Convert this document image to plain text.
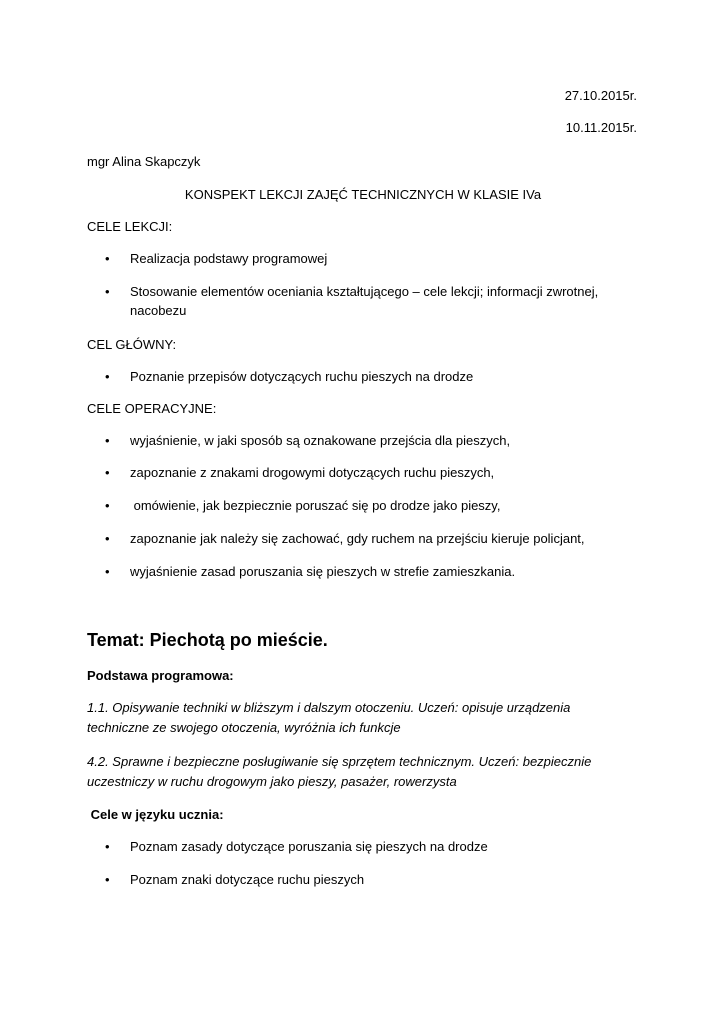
27.10.2015r.
10.11.2015r.
mgr Alina Skapczyk
KONSPEKT LEKCJI ZAJĘĆ TECHNICZNYCH W KLASIE IVa
CELE LEKCJI:
• Realizacja podstawy programowej
• Stosowanie elementów oceniania kształtującego – cele lekcji; informacji zwrotnej,
nacobezu
CEL GŁÓWNY:
• Poznanie przepisów dotyczących ruchu pieszych na drodze
CELE OPERACYJNE:
• wyjaśnienie, w jaki sposób są oznakowane przejścia dla pieszych,
• zapoznanie z znakami drogowymi dotyczących ruchu pieszych,
• omówienie, jak bezpiecznie poruszać się po drodze jako pieszy,
• zapoznanie jak należy się zachować, gdy ruchem na przejściu kieruje policjant,
• wyjaśnienie zasad poruszania się pieszych w strefie zamieszkania.
Temat: Piechotą po mieście.
Podstawa programowa:
1.1. Opisywanie techniki w bliższym i dalszym otoczeniu. Uczeń: opisuje urządzenia
techniczne ze swojego otoczenia, wyróżnia ich funkcje
4.2. Sprawne i bezpieczne posługiwanie się sprzętem technicznym. Uczeń: bezpiecznie
uczestniczy w ruchu drogowym jako pieszy, pasażer, rowerzysta
Cele w języku ucznia:
• Poznam zasady dotyczące poruszania się pieszych na drodze
• Poznam znaki dotyczące ruchu pieszych
